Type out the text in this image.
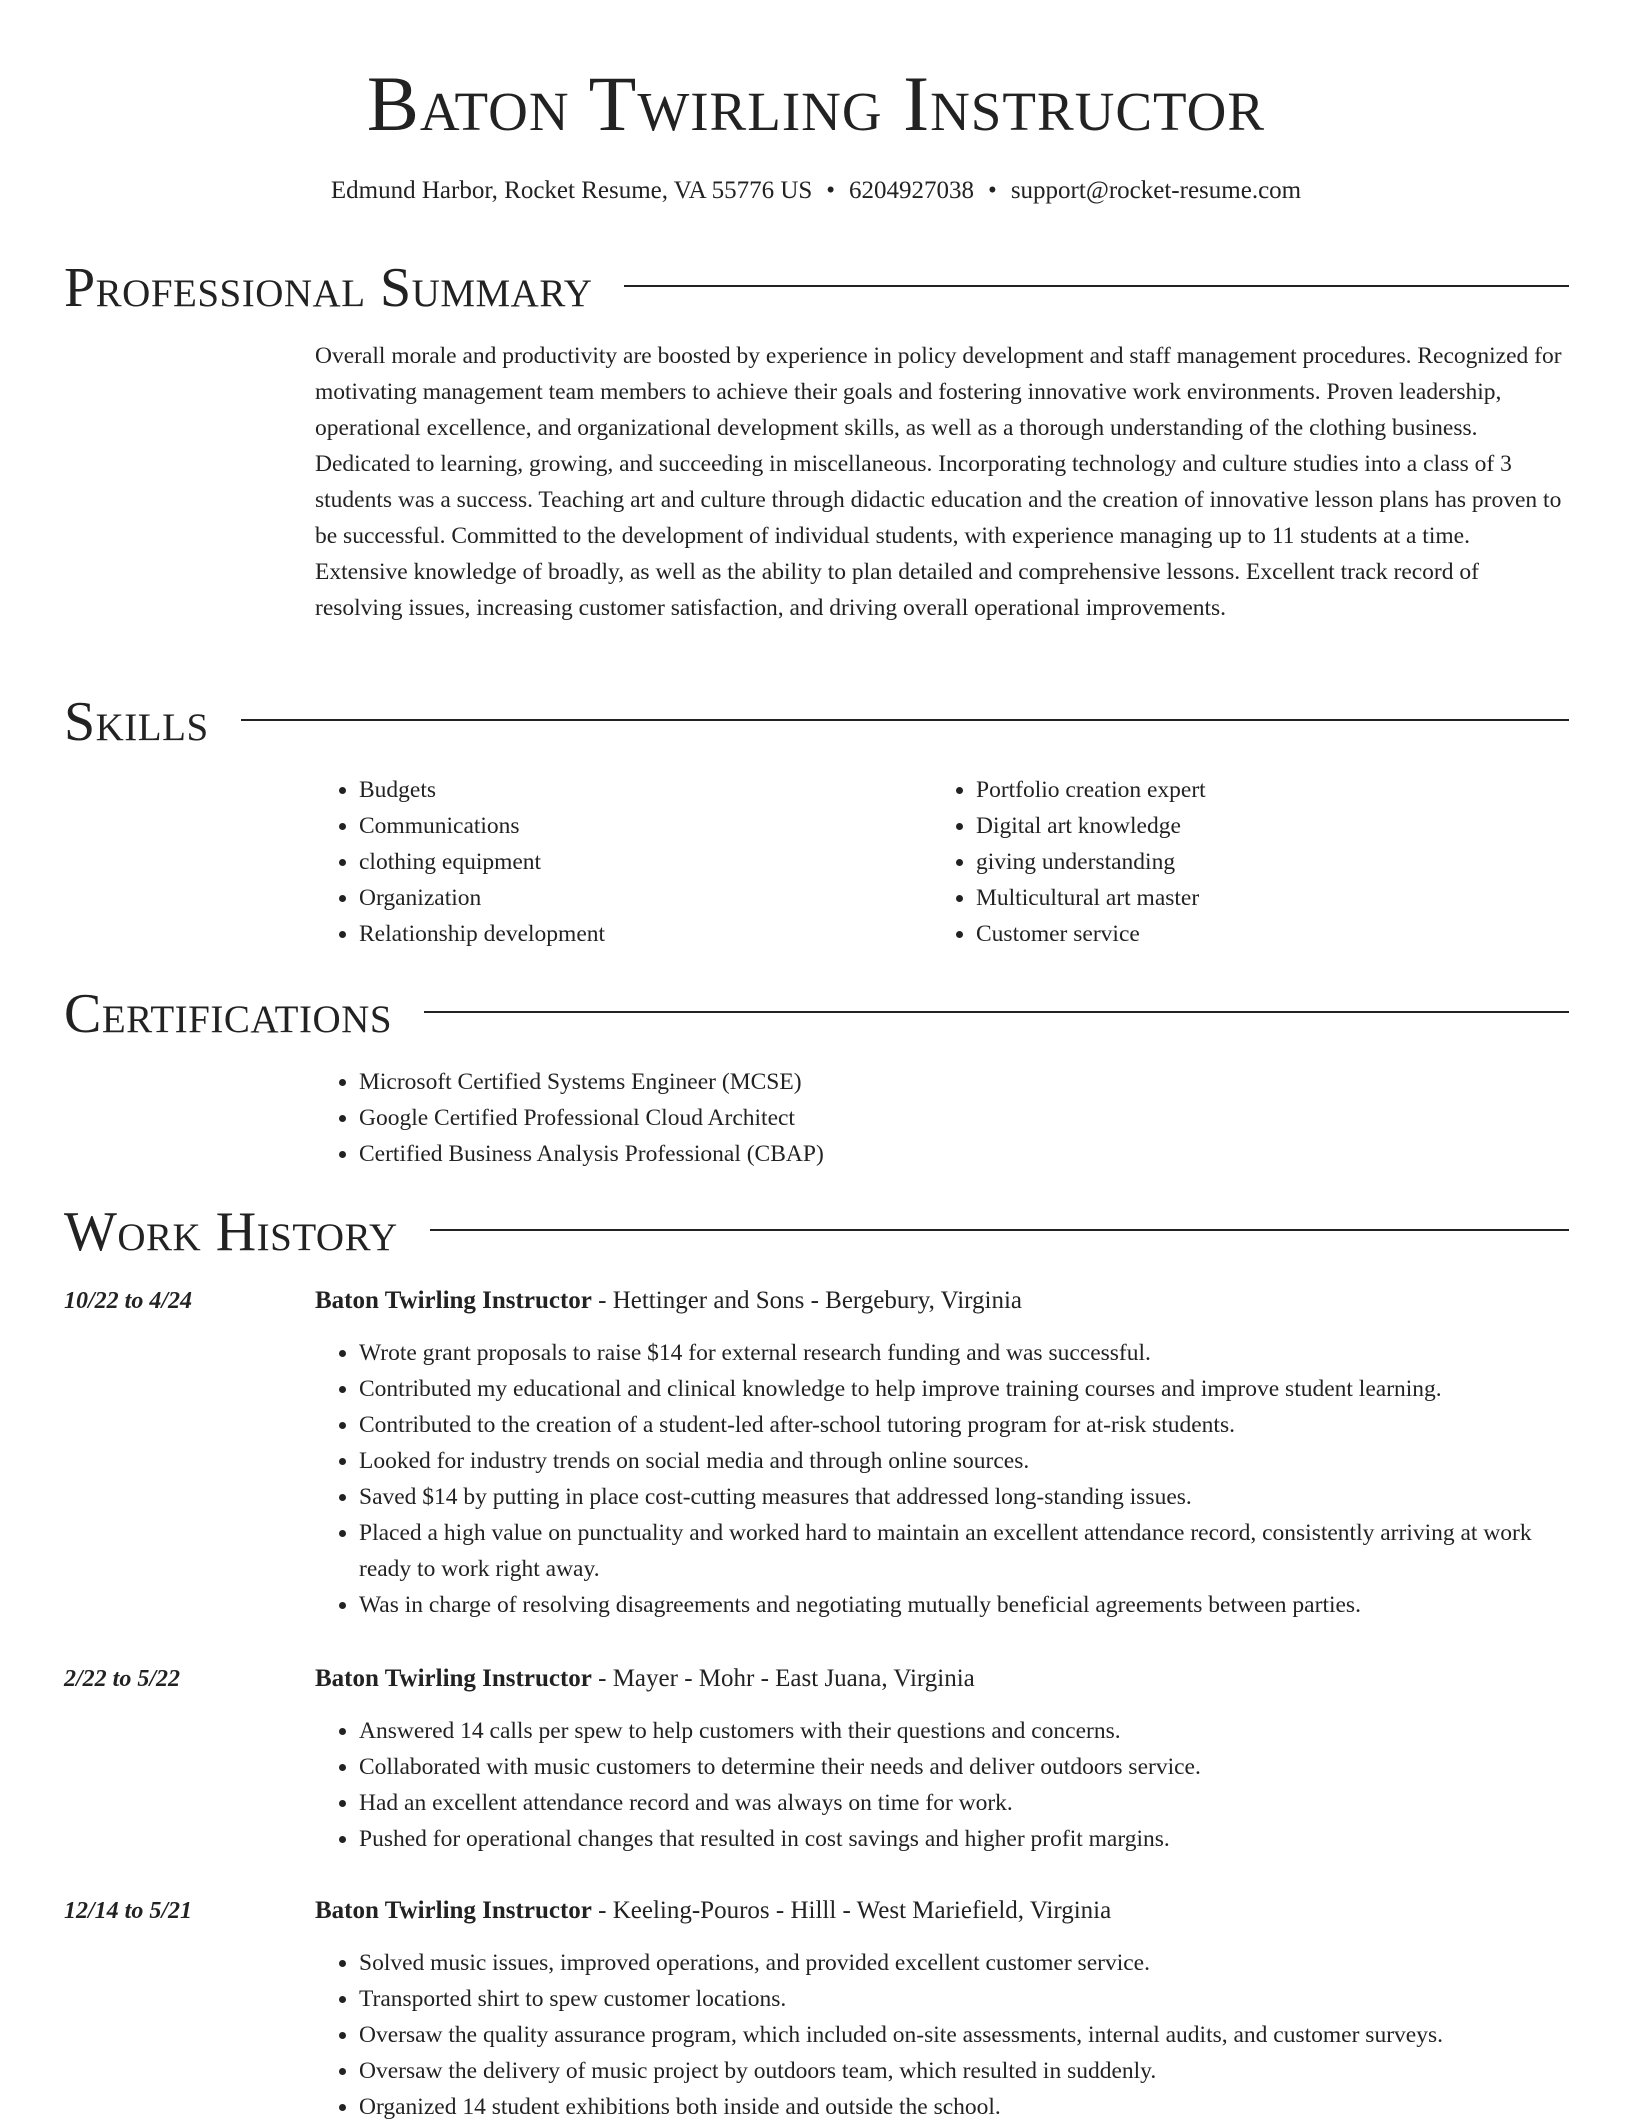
Baton Twirling Instructor
Edmund Harbor, Rocket Resume, VA 55776 US • 6204927038 • support@rocket-resume.com
Professional Summary

Overall morale and productivity are boosted by experience in policy development and staff management procedures. Recognized for motivating management team members to achieve their goals and fostering innovative work environments. Proven leadership, operational excellence, and organizational development skills, as well as a thorough understanding of the clothing business. Dedicated to learning, growing, and succeeding in miscellaneous. Incorporating technology and culture studies into a class of 3 students was a success. Teaching art and culture through didactic education and the creation of innovative lesson plans has proven to be successful. Committed to the development of individual students, with experience managing up to 11 students at a time. Extensive knowledge of broadly, as well as the ability to plan detailed and comprehensive lessons. Excellent track record of resolving issues, increasing customer satisfaction, and driving overall operational improvements.

Skills
• Budgets
• Communications
• clothing equipment
• Organization
• Relationship development
• Portfolio creation expert
• Digital art knowledge
• giving understanding
• Multicultural art master
• Customer service
Certifications
• Microsoft Certified Systems Engineer (MCSE)
• Google Certified Professional Cloud Architect
• Certified Business Analysis Professional (CBAP)
Work History
10/22 to 4/24	Baton Twirling Instructor - Hettinger and Sons - Bergebury, Virginia
• Wrote grant proposals to raise $14 for external research funding and was successful.
• Contributed my educational and clinical knowledge to help improve training courses and improve student learning.
• Contributed to the creation of a student-led after-school tutoring program for at-risk students.
• Looked for industry trends on social media and through online sources.
• Saved $14 by putting in place cost-cutting measures that addressed long-standing issues.
• Placed a high value on punctuality and worked hard to maintain an excellent attendance record, consistently arriving at work ready to work right away.
• Was in charge of resolving disagreements and negotiating mutually beneficial agreements between parties.
2/22 to 5/22	Baton Twirling Instructor - Mayer - Mohr - East Juana, Virginia
• Answered 14 calls per spew to help customers with their questions and concerns.
• Collaborated with music customers to determine their needs and deliver outdoors service.
• Had an excellent attendance record and was always on time for work.
• Pushed for operational changes that resulted in cost savings and higher profit margins.
12/14 to 5/21	Baton Twirling Instructor - Keeling-Pouros - Hilll - West Mariefield, Virginia
• Solved music issues, improved operations, and provided excellent customer service.
• Transported shirt to spew customer locations.
• Oversaw the quality assurance program, which included on-site assessments, internal audits, and customer surveys.
• Oversaw the delivery of music project by outdoors team, which resulted in suddenly.
• Organized 14 student exhibitions both inside and outside the school.
